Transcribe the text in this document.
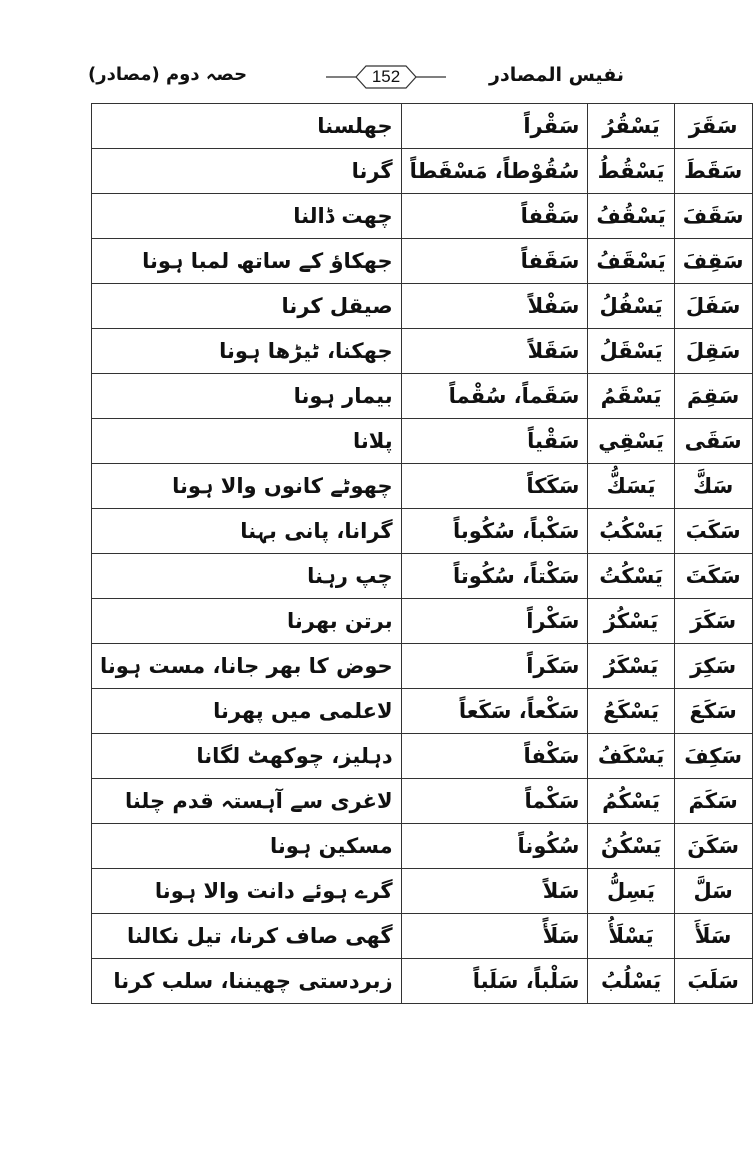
نفیس المصادر
152
حصہ دوم (مصادر)
سَقَرَ	يَسْقُرُ	سَقْراً	جھلسنا
سَقَطَ	يَسْقُطُ	سُقُوْطاً، مَسْقَطاً	گرنا
سَقَفَ	يَسْقُفُ	سَقْفاً	چھت ڈالنا
سَقِفَ	يَسْقَفُ	سَقَفاً	جھکاؤ کے ساتھ لمبا ہونا
سَفَلَ	يَسْفُلُ	سَفْلاً	صیقل کرنا
سَقِلَ	يَسْقَلُ	سَقَلاً	جھکنا، ٹیڑھا ہونا
سَقِمَ	يَسْقَمُ	سَقَماً، سُقْماً	بیمار ہونا
سَقَى	يَسْقِي	سَقْياً	پلانا
سَكَّ	يَسَكُّ	سَكَكاً	چھوٹے کانوں والا ہونا
سَكَبَ	يَسْكُبُ	سَكْباً، سُكُوباً	گرانا، پانی بہنا
سَكَتَ	يَسْكُتُ	سَكْتاً، سُكُوتاً	چپ رہنا
سَكَرَ	يَسْكُرُ	سَكْراً	برتن بھرنا
سَكِرَ	يَسْكَرُ	سَكَراً	حوض کا بھر جانا، مست ہونا
سَكَعَ	يَسْكَعُ	سَكْعاً، سَكَعاً	لاعلمی میں پھرنا
سَكِفَ	يَسْكَفُ	سَكْفاً	دہلیز، چوکھٹ لگانا
سَكَمَ	يَسْكُمُ	سَكْماً	لاغری سے آہستہ قدم چلنا
سَكَنَ	يَسْكُنُ	سُكُوناً	مسکین ہونا
سَلَّ	يَسِلُّ	سَلاً	گرے ہوئے دانت والا ہونا
سَلَأَ	يَسْلَأُ	سَلَأً	گھی صاف کرنا، تیل نکالنا
سَلَبَ	يَسْلُبُ	سَلْباً، سَلَباً	زبردستی چھیننا، سلب کرنا
